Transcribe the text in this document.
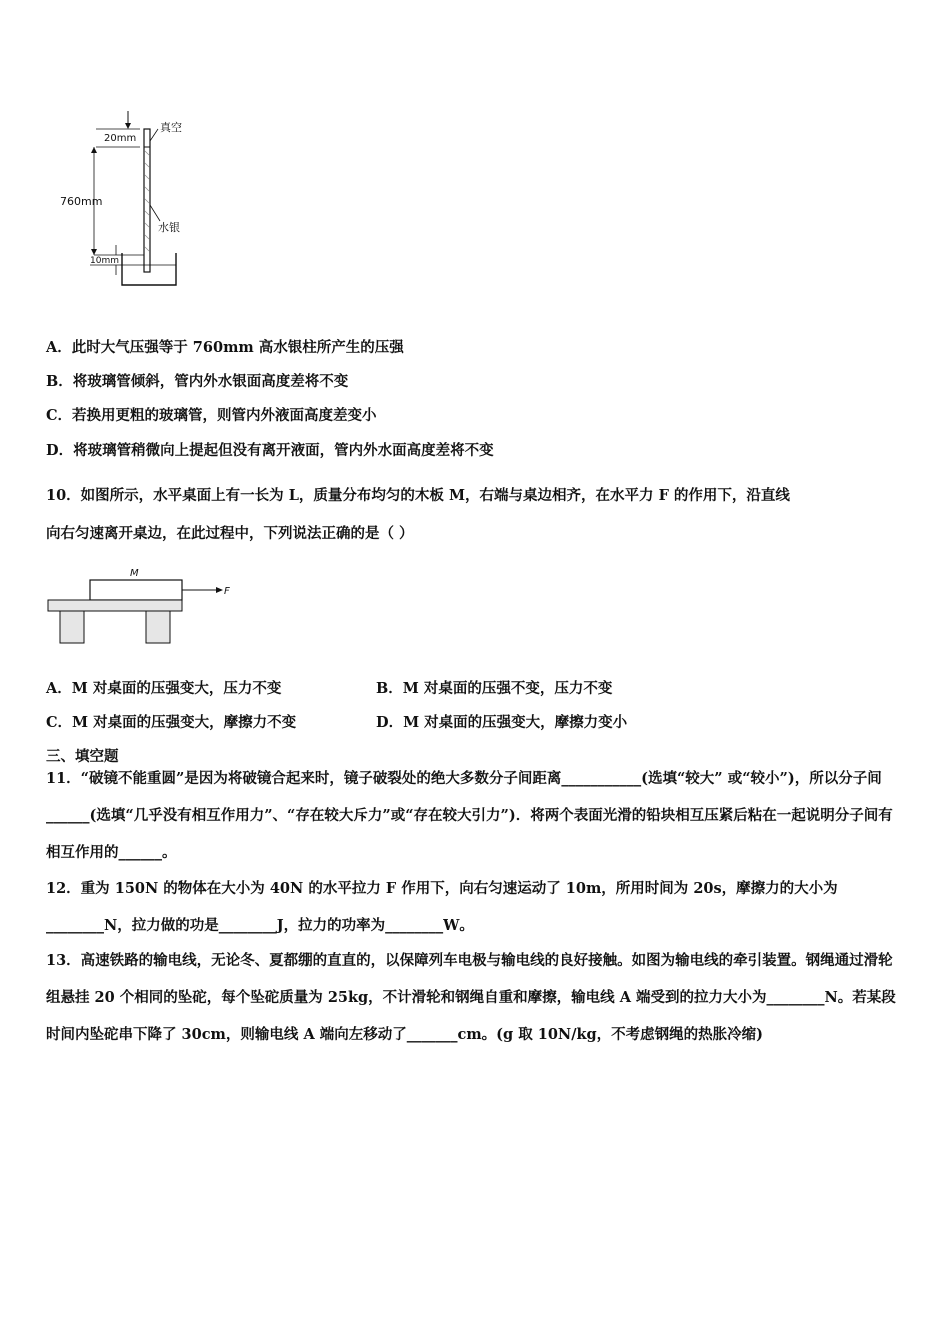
20mm
真空
760mm
水银
10mm
A．此时大气压强等于 760mm 高水银柱所产生的压强
B．将玻璃管倾斜，管内外水银面高度差将不变
C．若换用更粗的玻璃管，则管内外液面高度差变小
D．将玻璃管稍微向上提起但没有离开液面，管内外水面高度差将不变
10．如图所示，水平桌面上有一长为 L，质量分布均匀的木板 M，右端与桌边相齐，在水平力 F 的作用下，沿直线
向右匀速离开桌边，在此过程中，下列说法正确的是（ ）
M
F
A．M 对桌面的压强变大，压力不变	B．M 对桌面的压强不变，压力不变
C．M 对桌面的压强变大，摩擦力不变	D．M 对桌面的压强变大，摩擦力变小
三、填空题
11．“破镜不能重圆”是因为将破镜合起来时，镜子破裂处的绝大多数分子间距离___________(选填“较大” 或“较小”)，所以分子间______(选填“几乎没有相互作用力”、“存在较大斥力”或“存在较大引力”)．将两个表面光滑的铅块相互压紧后粘在一起说明分子间有相互作用的______。
12．重为 150N 的物体在大小为 40N 的水平拉力 F 作用下，向右匀速运动了 10m，所用时间为 20s，摩擦力的大小为________N，拉力做的功是________J，拉力的功率为________W。
13．高速铁路的输电线，无论冬、夏都绷的直直的，以保障列车电极与输电线的良好接触。如图为输电线的牵引装置。钢绳通过滑轮组悬挂 20 个相同的坠砣，每个坠砣质量为 25kg，不计滑轮和钢绳自重和摩擦，输电线 A 端受到的拉力大小为________N。若某段时间内坠砣串下降了 30cm，则输电线 A 端向左移动了_______cm。(g 取 10N/kg，不考虑钢绳的热胀冷缩)
